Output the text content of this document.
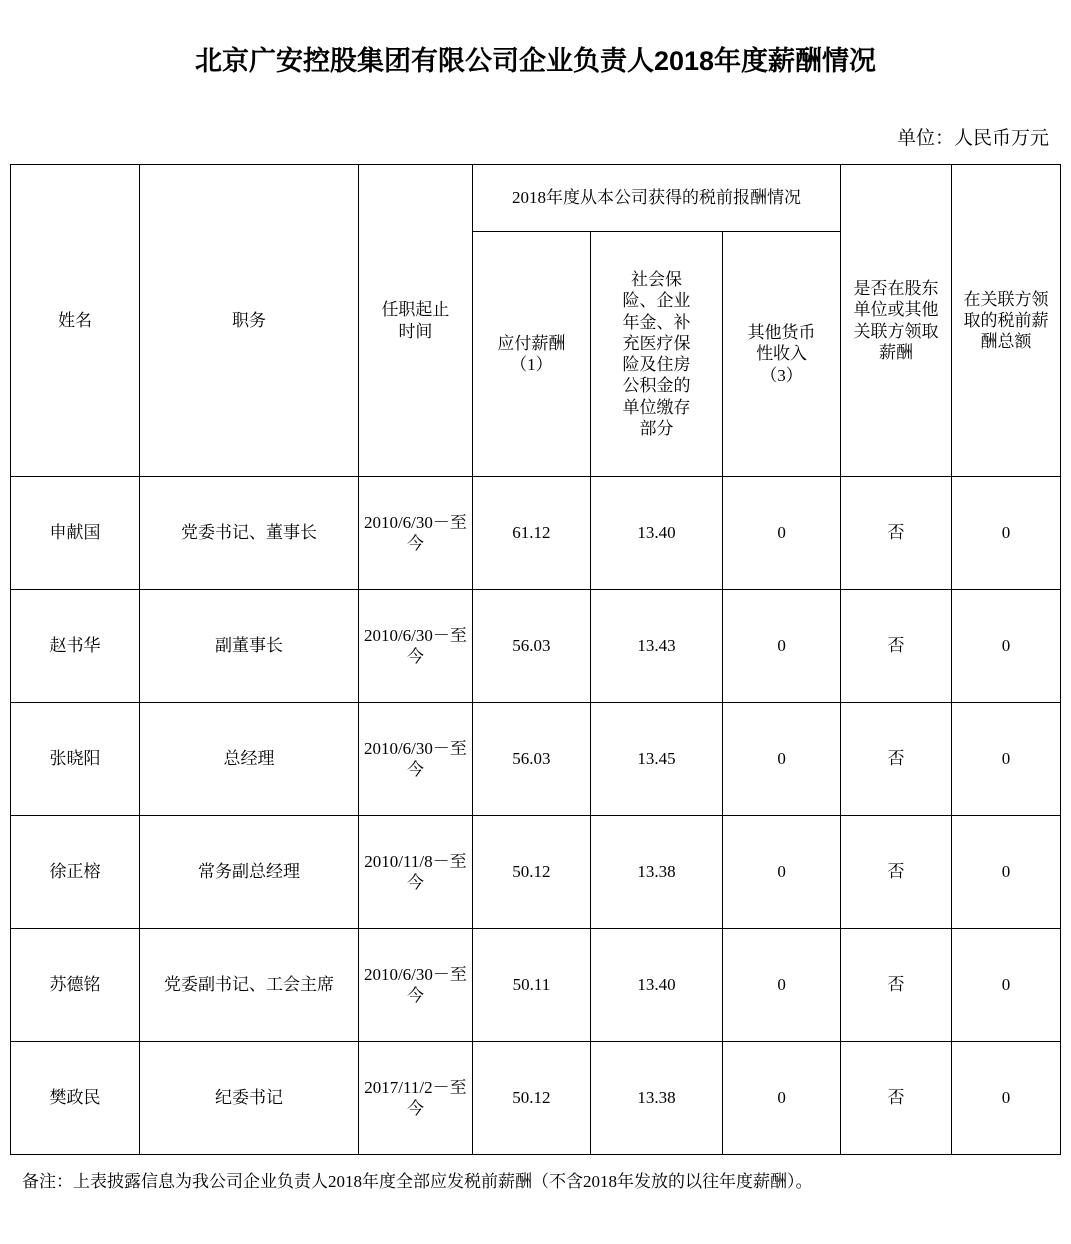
北京广安控股集团有限公司企业负责人2018年度薪酬情况
单位：人民币万元
姓名	职务	任职起止时间	2018年度从本公司获得的税前报酬情况			是否在股东单位或其他关联方领取薪酬	在关联方领取的税前薪酬总额

			应付薪酬（1）	社会保险、企业年金、补充医疗保险及住房公积金的单位缴存部分	其他货币性收入（3）		

申献国	党委书记、董事长	2010/6/30－至今	61.12	13.40	0	否	0
赵书华	副董事长	2010/6/30－至今	56.03	13.43	0	否	0
张晓阳	总经理	2010/6/30－至今	56.03	13.45	0	否	0
徐正榕	常务副总经理	2010/11/8－至今	50.12	13.38	0	否	0
苏德铭	党委副书记、工会主席	2010/6/30－至今	50.11	13.40	0	否	0
樊政民	纪委书记	2017/11/2－至今	50.12	13.38	0	否	0
备注：上表披露信息为我公司企业负责人2018年度全部应发税前薪酬（不含2018年发放的以往年度薪酬）。
